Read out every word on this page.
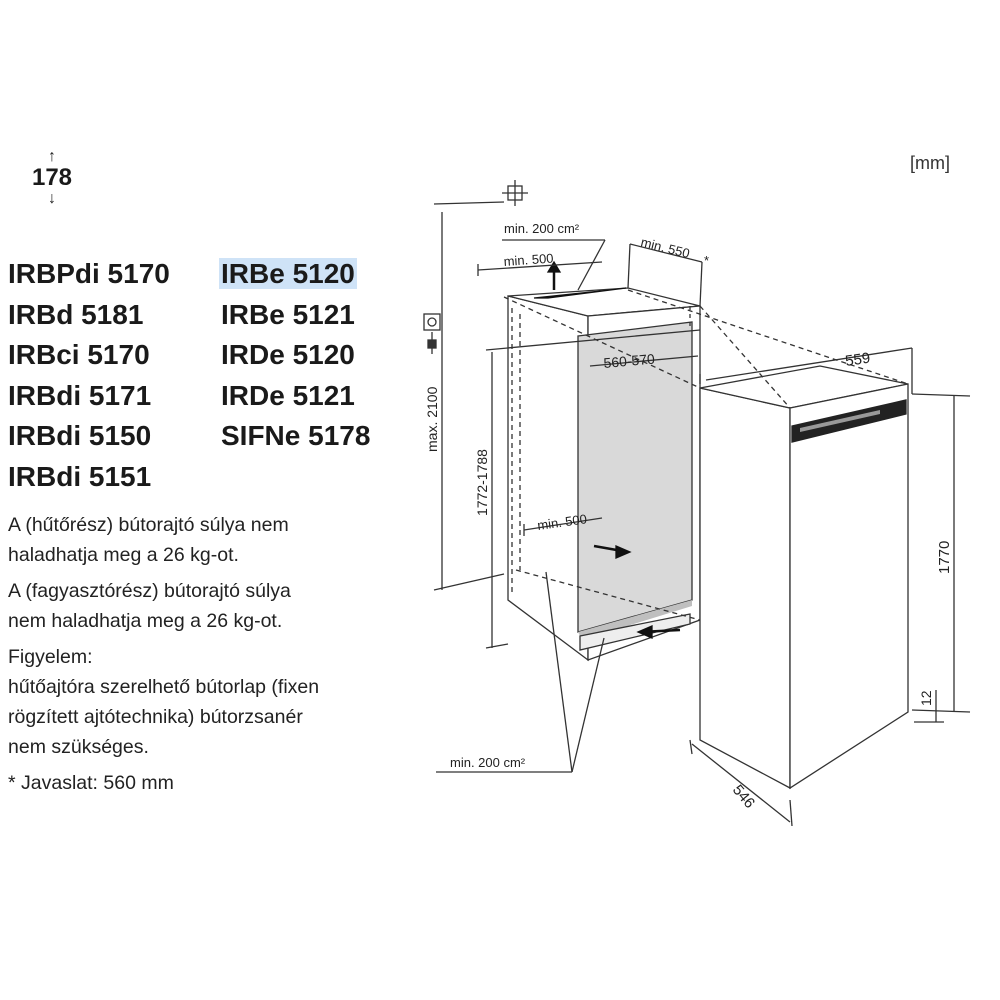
↑
178
↓
[mm]
IRBPdi 5170
IRBd 5181
IRBci 5170
IRBdi 5171
IRBdi 5150
IRBdi 5151
IRBe 5120
IRBe 5121
IRDe 5120
IRDe 5121
SIFNe 5178

A (hűtőrész) bútorajtó súlya nem
haladhatja meg a 26 kg-ot.

A (fagyasztórész) bútorajtó súlya
nem haladhatja meg a 26 kg-ot.

Figyelem:
hűtőajtóra szerelhető bútorlap (fixen
rögzített ajtótechnika) bútorzsanér
nem szükséges.

* Javaslat: 560 mm

min. 200 cm²
min. 500	min. 550 *
560-570
max. 2100
1772-1788
min. 500
min. 200 cm²
559
1770
12
546
